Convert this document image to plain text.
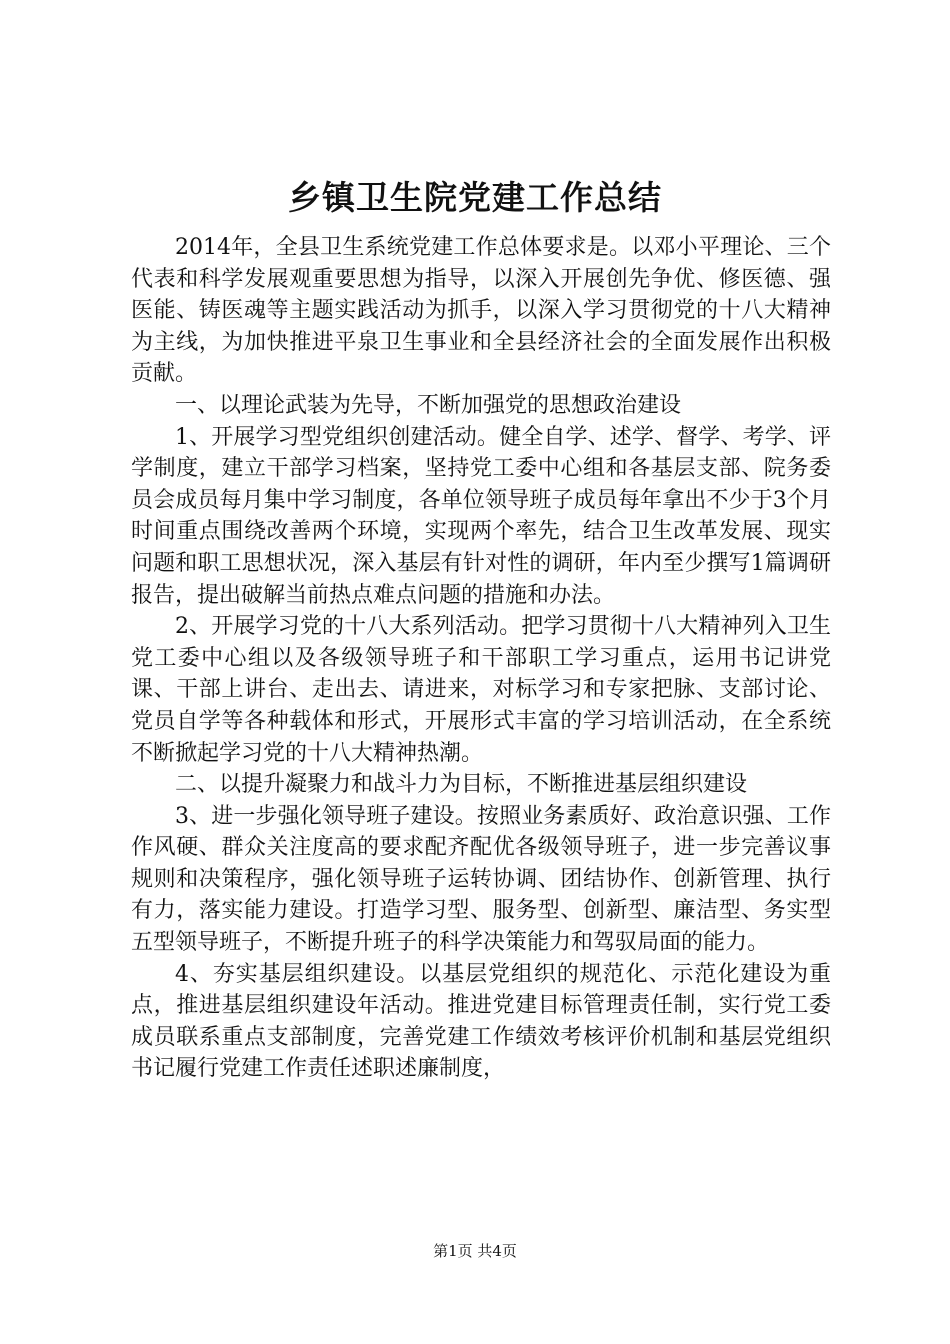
乡镇卫生院党建工作总结

2014年，全县卫生系统党建工作总体要求是。以邓小平理论、三个代表和科学发展观重要思想为指导，以深入开展创先争优、修医德、强医能、铸医魂等主题实践活动为抓手，以深入学习贯彻党的十八大精神为主线，为加快推进平泉卫生事业和全县经济社会的全面发展作出积极贡献。

一、以理论武装为先导，不断加强党的思想政治建设

1、开展学习型党组织创建活动。健全自学、述学、督学、考学、评学制度，建立干部学习档案，坚持党工委中心组和各基层支部、院务委员会成员每月集中学习制度，各单位领导班子成员每年拿出不少于3个月时间重点围绕改善两个环境，实现两个率先，结合卫生改革发展、现实问题和职工思想状况，深入基层有针对性的调研，年内至少撰写1篇调研报告，提出破解当前热点难点问题的措施和办法。

2、开展学习党的十八大系列活动。把学习贯彻十八大精神列入卫生党工委中心组以及各级领导班子和干部职工学习重点，运用书记讲党课、干部上讲台、走出去、请进来，对标学习和专家把脉、支部讨论、党员自学等各种载体和形式，开展形式丰富的学习培训活动，在全系统不断掀起学习党的十八大精神热潮。

二、以提升凝聚力和战斗力为目标，不断推进基层组织建设

3、进一步强化领导班子建设。按照业务素质好、政治意识强、工作作风硬、群众关注度高的要求配齐配优各级领导班子，进一步完善议事规则和决策程序，强化领导班子运转协调、团结协作、创新管理、执行有力，落实能力建设。打造学习型、服务型、创新型、廉洁型、务实型五型领导班子，不断提升班子的科学决策能力和驾驭局面的能力。

4、夯实基层组织建设。以基层党组织的规范化、示范化建设为重点，推进基层组织建设年活动。推进党建目标管理责任制，实行党工委成员联系重点支部制度，完善党建工作绩效考核评价机制和基层党组织书记履行党建工作责任述职述廉制度，

第1页 共4页
